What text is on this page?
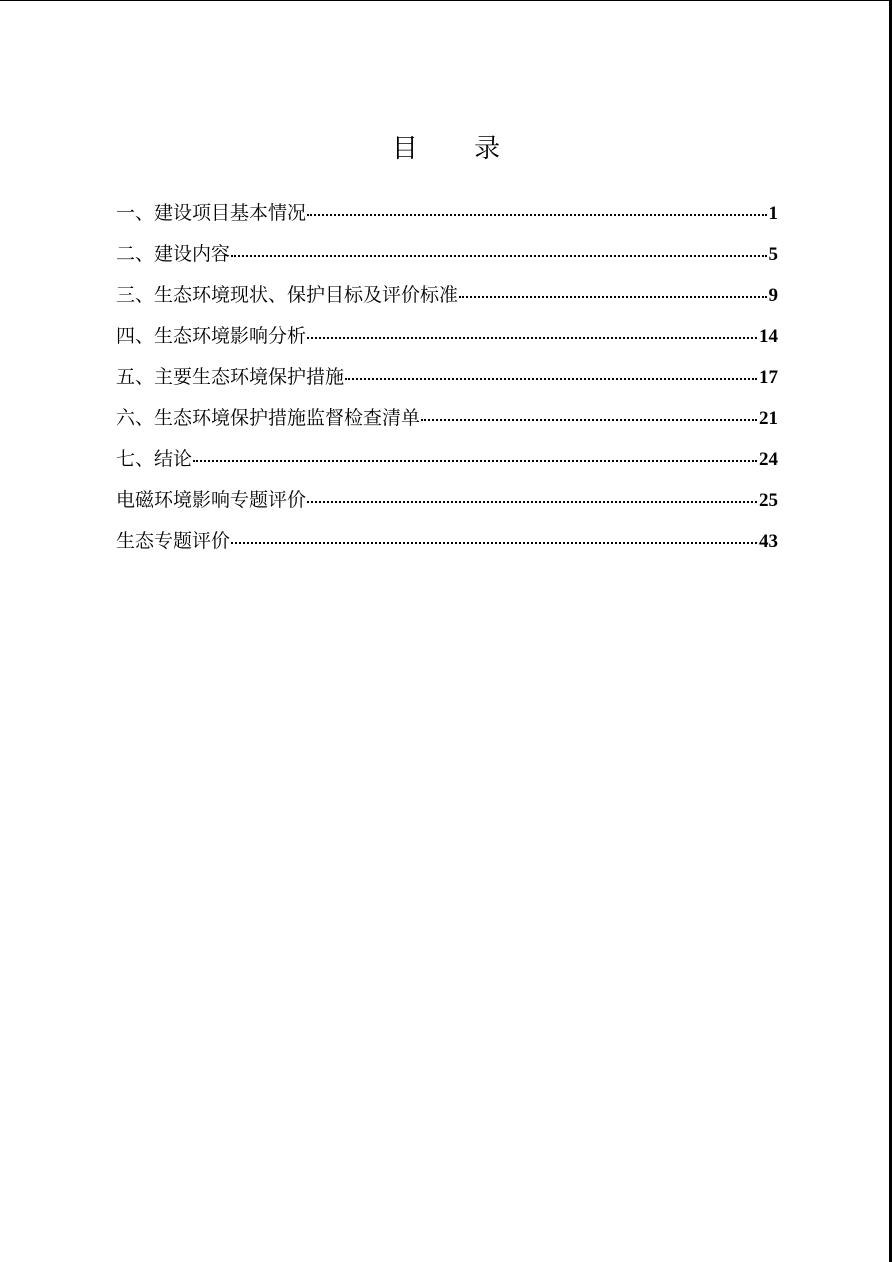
目 录
一、建设项目基本情况	1
二、建设内容	5
三、生态环境现状、保护目标及评价标准	9
四、生态环境影响分析	14
五、主要生态环境保护措施	17
六、生态环境保护措施监督检查清单	21
七、结论	24
电磁环境影响专题评价	25
生态专题评价	43
